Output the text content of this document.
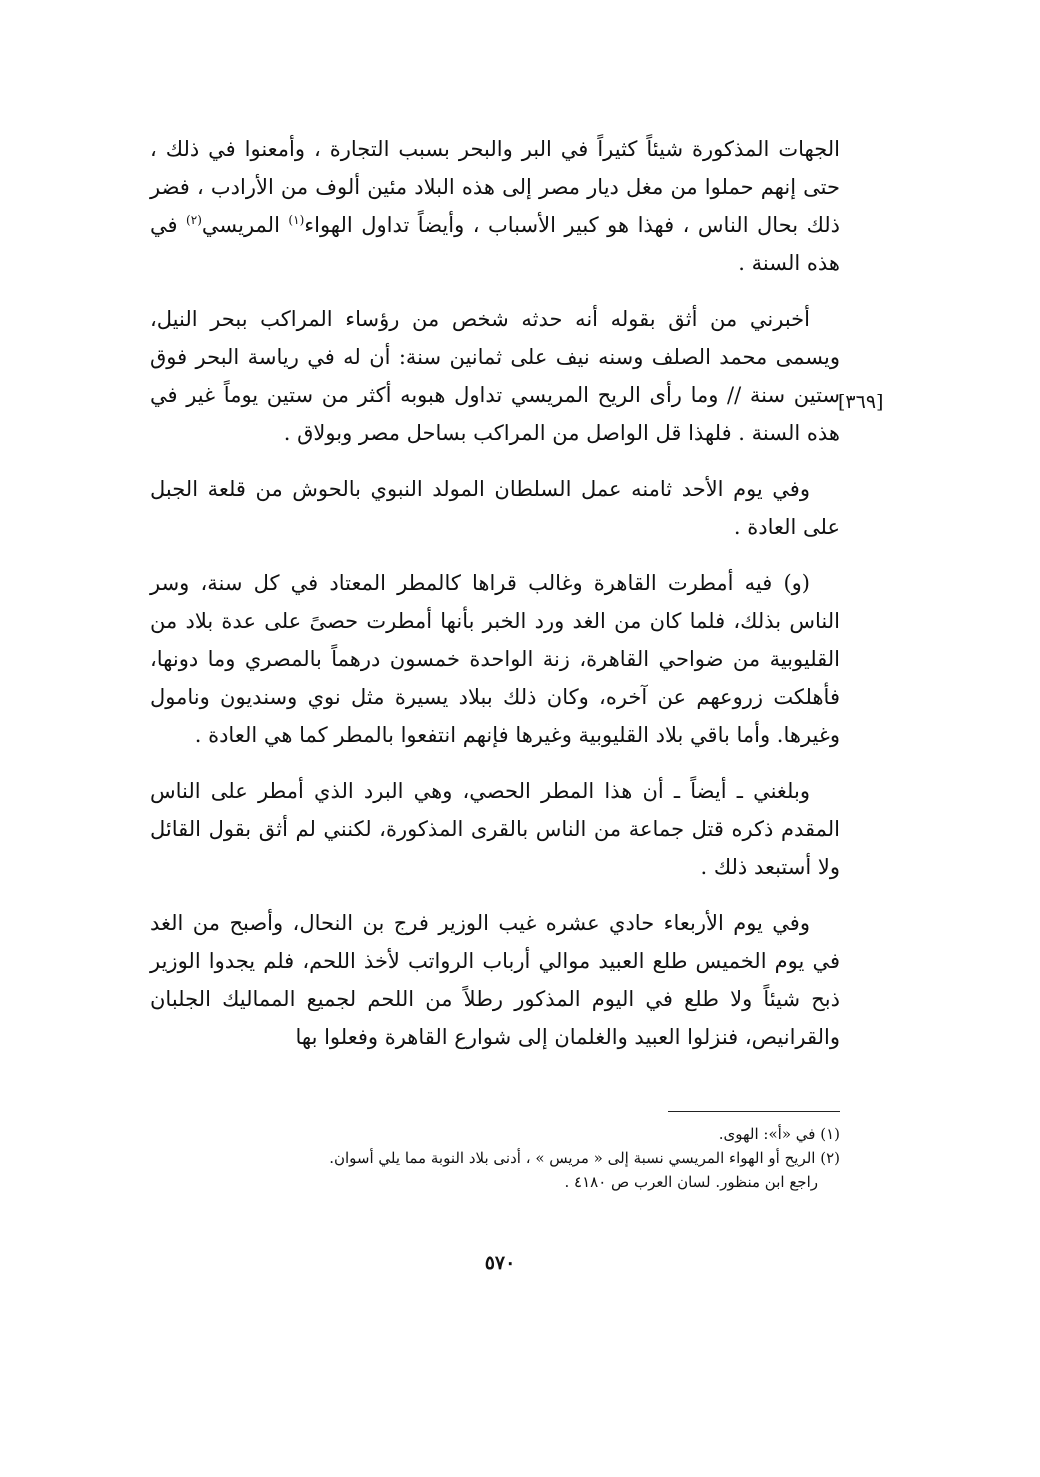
الجهات المذكورة شيئاً كثيراً في البر والبحر بسبب التجارة ، وأمعنوا في ذلك ، حتى إنهم حملوا من مغل ديار مصر إلى هذه البلاد مئين ألوف من الأرادب ، فضر ذلك بحال الناس ، فهذا هو كبير الأسباب ، وأيضاً تداول الهواء$^{(١)}$ المريسي$^{(٢)}$ في هذه السنة .

أخبرني من أثق بقوله أنه حدثه شخص من رؤساء المراكب ببحر النيل، ويسمى محمد الصلف وسنه نيف على ثمانين سنة: أن له في رياسة البحر فوق ستين سنة // وما رأى الريح المريسي تداول هبوبه أكثر من ستين يوماً غير في هذه السنة . فلهذا قل الواصل من المراكب بساحل مصر وبولاق .

وفي يوم الأحد ثامنه عمل السلطان المولد النبوي بالحوش من قلعة الجبل على العادة .

(و) فيه أمطرت القاهرة وغالب قراها كالمطر المعتاد في كل سنة، وسر الناس بذلك، فلما كان من الغد ورد الخبر بأنها أمطرت حصىً على عدة بلاد من القليوبية من ضواحي القاهرة، زنة الواحدة خمسون درهماً بالمصري وما دونها، فأهلكت زروعهم عن آخره، وكان ذلك ببلاد يسيرة مثل نوي وسنديون ونامول وغيرها. وأما باقي بلاد القليوبية وغيرها فإنهم انتفعوا بالمطر كما هي العادة .

وبلغني ـ أيضاً ـ أن هذا المطر الحصي، وهي البرد الذي أمطر على الناس المقدم ذكره قتل جماعة من الناس بالقرى المذكورة، لكنني لم أثق بقول القائل ولا أستبعد ذلك .

وفي يوم الأربعاء حادي عشره غيب الوزير فرج بن النحال، وأصبح من الغد في يوم الخميس طلع العبيد موالي أرباب الرواتب لأخذ اللحم، فلم يجدوا الوزير ذبح شيئاً ولا طلع في اليوم المذكور رطلاً من اللحم لجميع المماليك الجلبان والقرانيص، فنزلوا العبيد والغلمان إلى شوارع القاهرة وفعلوا بها

[٣٦٩]

(١) في «أ»: الهوى.

(٢) الريح أو الهواء المريسي نسبة إلى « مريس » ، أدنى بلاد النوبة مما يلي أسوان.

راجع ابن منظور. لسان العرب ص ٤١٨٠ .

٥٧٠
